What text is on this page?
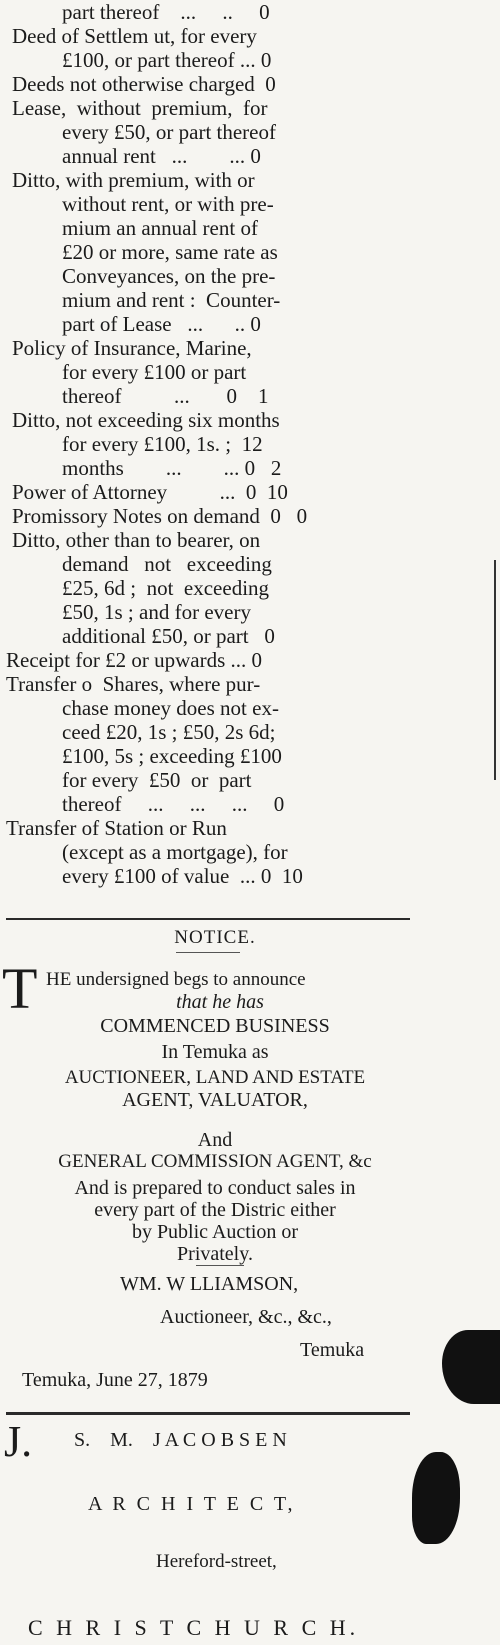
part thereof    ...     ..     0
Deed of Settlem ut, for every
£100, or part thereof ... 0
Deeds not otherwise charged  0
Lease,  without  premium,  for
every £50, or part thereof
annual rent   ...        ... 0
Ditto, with premium, with or
without rent, or with pre-
mium an annual rent of
£20 or more, same rate as
Conveyances, on the pre-
mium and rent :  Counter-
part of Lease   ...      .. 0
Policy of Insurance, Marine,
for every £100 or part
thereof          ...       0    1
Ditto, not exceeding six months
for every £100, 1s. ;  12
months        ...        ... 0   2
Power of Attorney          ...  0  10
Promissory Notes on demand  0   0
Ditto, other than to bearer, on
demand   not   exceeding
£25, 6d ;  not  exceeding
£50, 1s ; and for every
additional £50, or part   0
Receipt for £2 or upwards ... 0
Transfer o  Shares, where pur-
chase money does not ex-
ceed £20, 1s ; £50, 2s 6d;
£100, 5s ; exceeding £100
for every  £50  or  part
thereof     ...     ...     ...     0
Transfer of Station or Run
(except as a mortgage), for
every £100 of value  ... 0  10
NOTICE.
T HE undersigned begs to announce
that he has
COMMENCED BUSINESS
In Temuka as
AUCTIONEER, LAND AND ESTATE
AGENT, VALUATOR,
And
GENERAL COMMISSION AGENT, &c
And is prepared to conduct sales in
every part of the Distric either
by Public Auction or
Privately.
WM. W LLIAMSON,
Auctioneer, &c., &c.,
Temuka
Temuka, June 27, 1879
J. S.    M.    J A C O B S E N
A R C H I T E C T,
Hereford-street,
C H R I S T C H U R C H.
